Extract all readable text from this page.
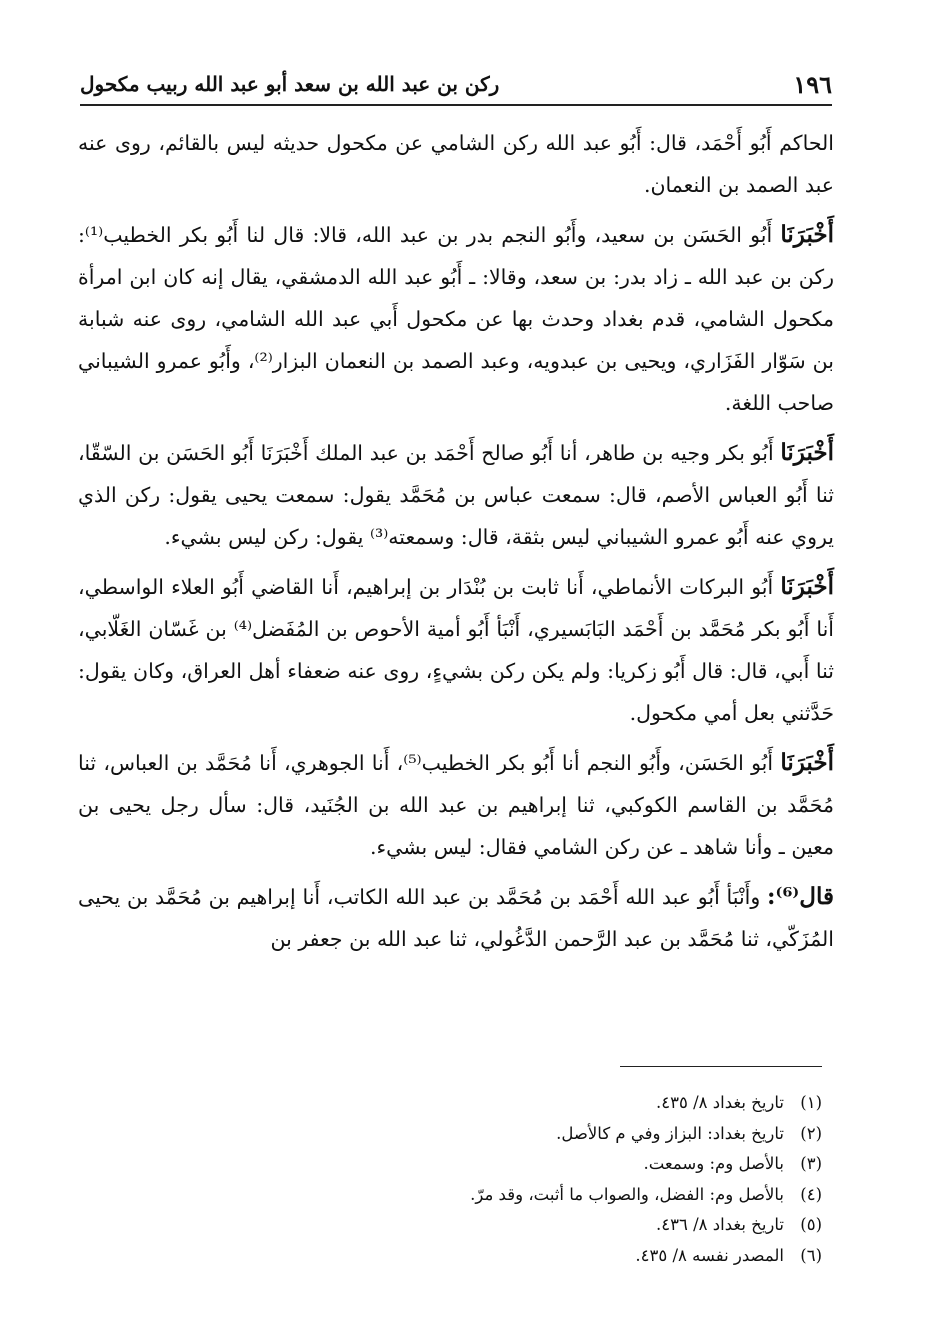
١٩٦
ركن بن عبد الله بن سعد أبو عبد الله ربيب مكحول

الحاكم أَبُو أَحْمَد، قال: أَبُو عبد الله ركن الشامي عن مكحول حديثه ليس بالقائم، روى عنه عبد الصمد بن النعمان.

أَخْبَرَنَا أَبُو الحَسَن بن سعيد، وأَبُو النجم بدر بن عبد الله، قالا: قال لنا أَبُو بكر الخطيب⁽¹⁾: ركن بن عبد الله ـ زاد بدر: بن سعد، وقالا: ـ أَبُو عبد الله الدمشقي، يقال إنه كان ابن امرأة مكحول الشامي، قدم بغداد وحدث بها عن مكحول أَبي عبد الله الشامي، روى عنه شبابة بن سَوّار الفَزَاري، ويحيى بن عبدويه، وعبد الصمد بن النعمان البزار⁽²⁾، وأَبُو عمرو الشيباني صاحب اللغة.

أَخْبَرَنَا أَبُو بكر وجيه بن طاهر، أنا أَبُو صالح أَحْمَد بن عبد الملك أَخْبَرَنَا أَبُو الحَسَن بن السّقّا، ثنا أَبُو العباس الأصم، قال: سمعت عباس بن مُحَمَّد يقول: سمعت يحيى يقول: ركن الذي يروي عنه أَبُو عمرو الشيباني ليس بثقة، قال: وسمعته⁽³⁾ يقول: ركن ليس بشيء.

أَخْبَرَنَا أَبُو البركات الأنماطي، أَنا ثابت بن بُنْدَار بن إبراهيم، أَنا القاضي أَبُو العلاء الواسطي، أَنا أَبُو بكر مُحَمَّد بن أَحْمَد البَابَسيري، أَنْبَأ أَبُو أمية الأحوص بن المُفَضل⁽⁴⁾ بن غَسّان الغَلّابي، ثنا أَبي، قال: قال أَبُو زكريا: ولم يكن ركن بشيءٍ، روى عنه ضعفاء أهل العراق، وكان يقول: حَدَّثني بعل أمي مكحول.

أَخْبَرَنَا أَبُو الحَسَن، وأَبُو النجم أنا أَبُو بكر الخطيب⁽⁵⁾، أَنا الجوهري، أَنا مُحَمَّد بن العباس، ثنا مُحَمَّد بن القاسم الكوكبي، ثنا إبراهيم بن عبد الله بن الجُنَيد، قال: سأل رجل يحيى بن معين ـ وأنا شاهد ـ عن ركن الشامي فقال: ليس بشيء.

قال⁽⁶⁾: وأَنْبَأ أَبُو عبد الله أَحْمَد بن مُحَمَّد بن عبد الله الكاتب، أَنا إبراهيم بن مُحَمَّد بن يحيى المُزَكّي، ثنا مُحَمَّد بن عبد الرَّحمن الدَّغُولي، ثنا عبد الله بن جعفر بن

(١)تاريخ بغداد ٨/ ٤٣٥.
(٢)تاريخ بغداد: البزاز وفي م كالأصل.
(٣)بالأصل وم: وسمعت.
(٤)بالأصل وم: الفضل، والصواب ما أثبت، وقد مرّ.
(٥)تاريخ بغداد ٨/ ٤٣٦.
(٦)المصدر نفسه ٨/ ٤٣٥.
